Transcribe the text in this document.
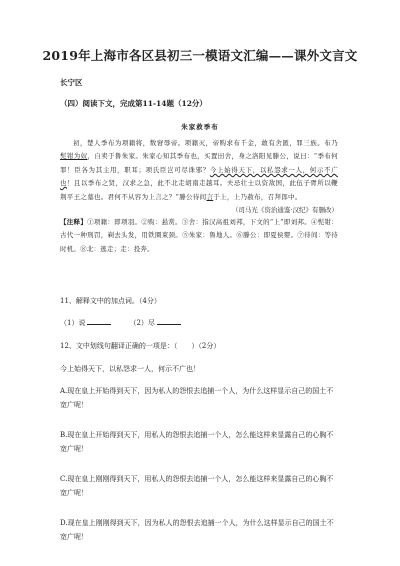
2019年上海市各区县初三一模语文汇编——课外文言文

长宁区

（四）阅读下文，完成第11-14题（12分）

朱家救季布

初，楚人季布为项籍将，数窘辱帝。项籍灭，帝购求布千金，敢有舍匿，罪三族。布乃髡钳为奴，自卖于鲁朱家。朱家心知其季布也，买置田舍，身之洛阳见滕公，说曰：“季布何罪！臣各为其主用，职耳；项氏臣岂可尽诛邪？今上始得天下，以私怨求一人，何示不广也！且以季布之贤，汉求之急，此不北走胡南走越耳。夫忌壮士以资敌国，此伍子胥所以鞭荆平王之墓也。君何不从容为上言之？”滕公待间言于上，上乃赦布，召拜郎中。

（司马光《资治通鉴·汉纪》有删改）

【注释】①项籍：即项羽。②购：悬赏。③舍：指汉高祖刘邦，下文的“上”即刘邦。④髡钳：古代一种刑罚，剃去头发，用铁圈束颈。⑤朱家：鲁地人。⑥滕公：即夏侯婴。⑦待间：等待时机。⑧北：逃走；走：投奔。

11、解释文中的加点词。（4分）

（1）说	（2）尽

12、文中划线句翻译正确的一项是：（　　）（2分）

今上始得天下，以私怨求一人，何示不广也！

A.现在皇上开始得到天下，因为私人的怨恨去追捕一个人，为什么这样显示自己的国土不宽广呢！

B.现在皇上开始得到天下，用私人的怨恨去追捕一个人，怎么能这样来显露自己的心胸不宽广呢！

C.现在皇上刚刚得到天下，用私人的怨恨去追捕一个人，怎么能这样来显露自己的心胸不宽广呢！

D.现在皇上刚刚得到天下，因为私人的怨恨去追捕一个人，为什么这样显示自己的国土不宽广呢！
